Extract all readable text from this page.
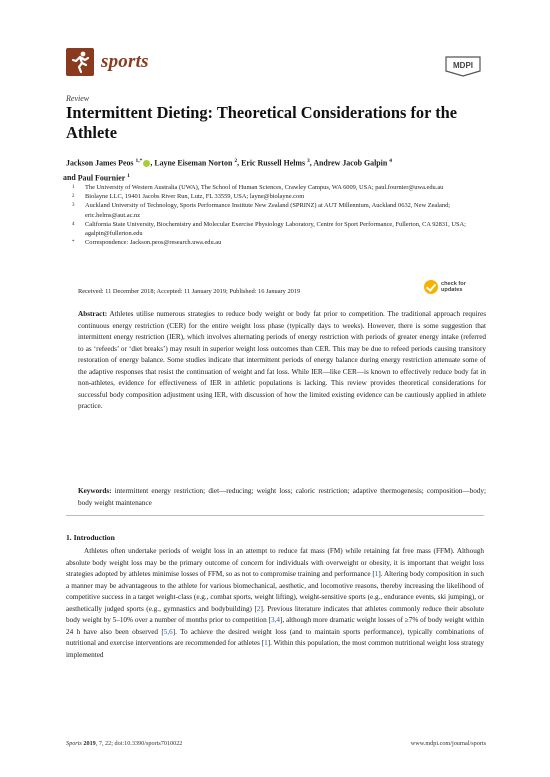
sports	MDPI
Review
Intermittent Dieting: Theoretical Considerations for the Athlete
Jackson James Peos $^{1,*}$ , Layne Eiseman Norton $^2$, Eric Russell Helms $^3$, Andrew Jacob Galpin $^4$
and Paul Fournier $^1$
1	The University of Western Australia (UWA), The School of Human Sciences, Crawley Campus, WA 6009, USA; paul.fournier@uwa.edu.au
2	Biolayne LLC, 19401 Jacobs River Run, Lutz, FL 33559, USA; layne@biolayne.com
3	Auckland University of Technology, Sports Performance Institute New Zealand (SPRINZ) at AUT Millennium, Auckland 0632, New Zealand; eric.helms@aut.ac.nz
4	California State University, Biochemistry and Molecular Exercise Physiology Laboratory, Centre for Sport Performance, Fullerton, CA 92831, USA; agalpin@fullerton.edu
*	Correspondence: Jackson.peos@research.uwa.edu.au
Received: 11 December 2018; Accepted: 11 January 2019; Published: 16 January 2019
check for
updates
Abstract: Athletes utilise numerous strategies to reduce body weight or body fat prior to competition. The traditional approach requires continuous energy restriction (CER) for the entire weight loss phase (typically days to weeks). However, there is some suggestion that intermittent energy restriction (IER), which involves alternating periods of energy restriction with periods of greater energy intake (referred to as ‘refeeds’ or ‘diet breaks’) may result in superior weight loss outcomes than CER. This may be due to refeed periods causing transitory restoration of energy balance. Some studies indicate that intermittent periods of energy balance during energy restriction attenuate some of the adaptive responses that resist the continuation of weight and fat loss. While IER—like CER—is known to effectively reduce body fat in non-athletes, evidence for effectiveness of IER in athletic populations is lacking. This review provides theoretical considerations for successful body composition adjustment using IER, with discussion of how the limited existing evidence can be cautiously applied in athlete practice.
Keywords: intermittent energy restriction; diet—reducing; weight loss; caloric restriction; adaptive thermogenesis; composition—body; body weight maintenance
1. Introduction
Athletes often undertake periods of weight loss in an attempt to reduce fat mass (FM) while retaining fat free mass (FFM). Although absolute body weight loss may be the primary outcome of concern for individuals with overweight or obesity, it is important that weight loss strategies adopted by athletes minimise losses of FFM, so as not to compromise training and performance [1]. Altering body composition in such a manner may be advantageous to the athlete for various biomechanical, aesthetic, and locomotive reasons, thereby increasing the likelihood of competitive success in a target weight-class (e.g., combat sports, weight lifting), weight-sensitive sports (e.g., endurance events, ski jumping), or aesthetically judged sports (e.g., gymnastics and bodybuilding) [2]. Previous literature indicates that athletes commonly reduce their absolute body weight by 5–10% over a number of months prior to competition [3,4], although more dramatic weight losses of ≥7% of body weight within 24 h have also been observed [5,6]. To achieve the desired weight loss (and to maintain sports performance), typically combinations of nutritional and exercise interventions are recommended for athletes [1]. Within this population, the most common nutritional weight loss strategy implemented
Sports 2019, 7, 22; doi:10.3390/sports7010022	www.mdpi.com/journal/sports
